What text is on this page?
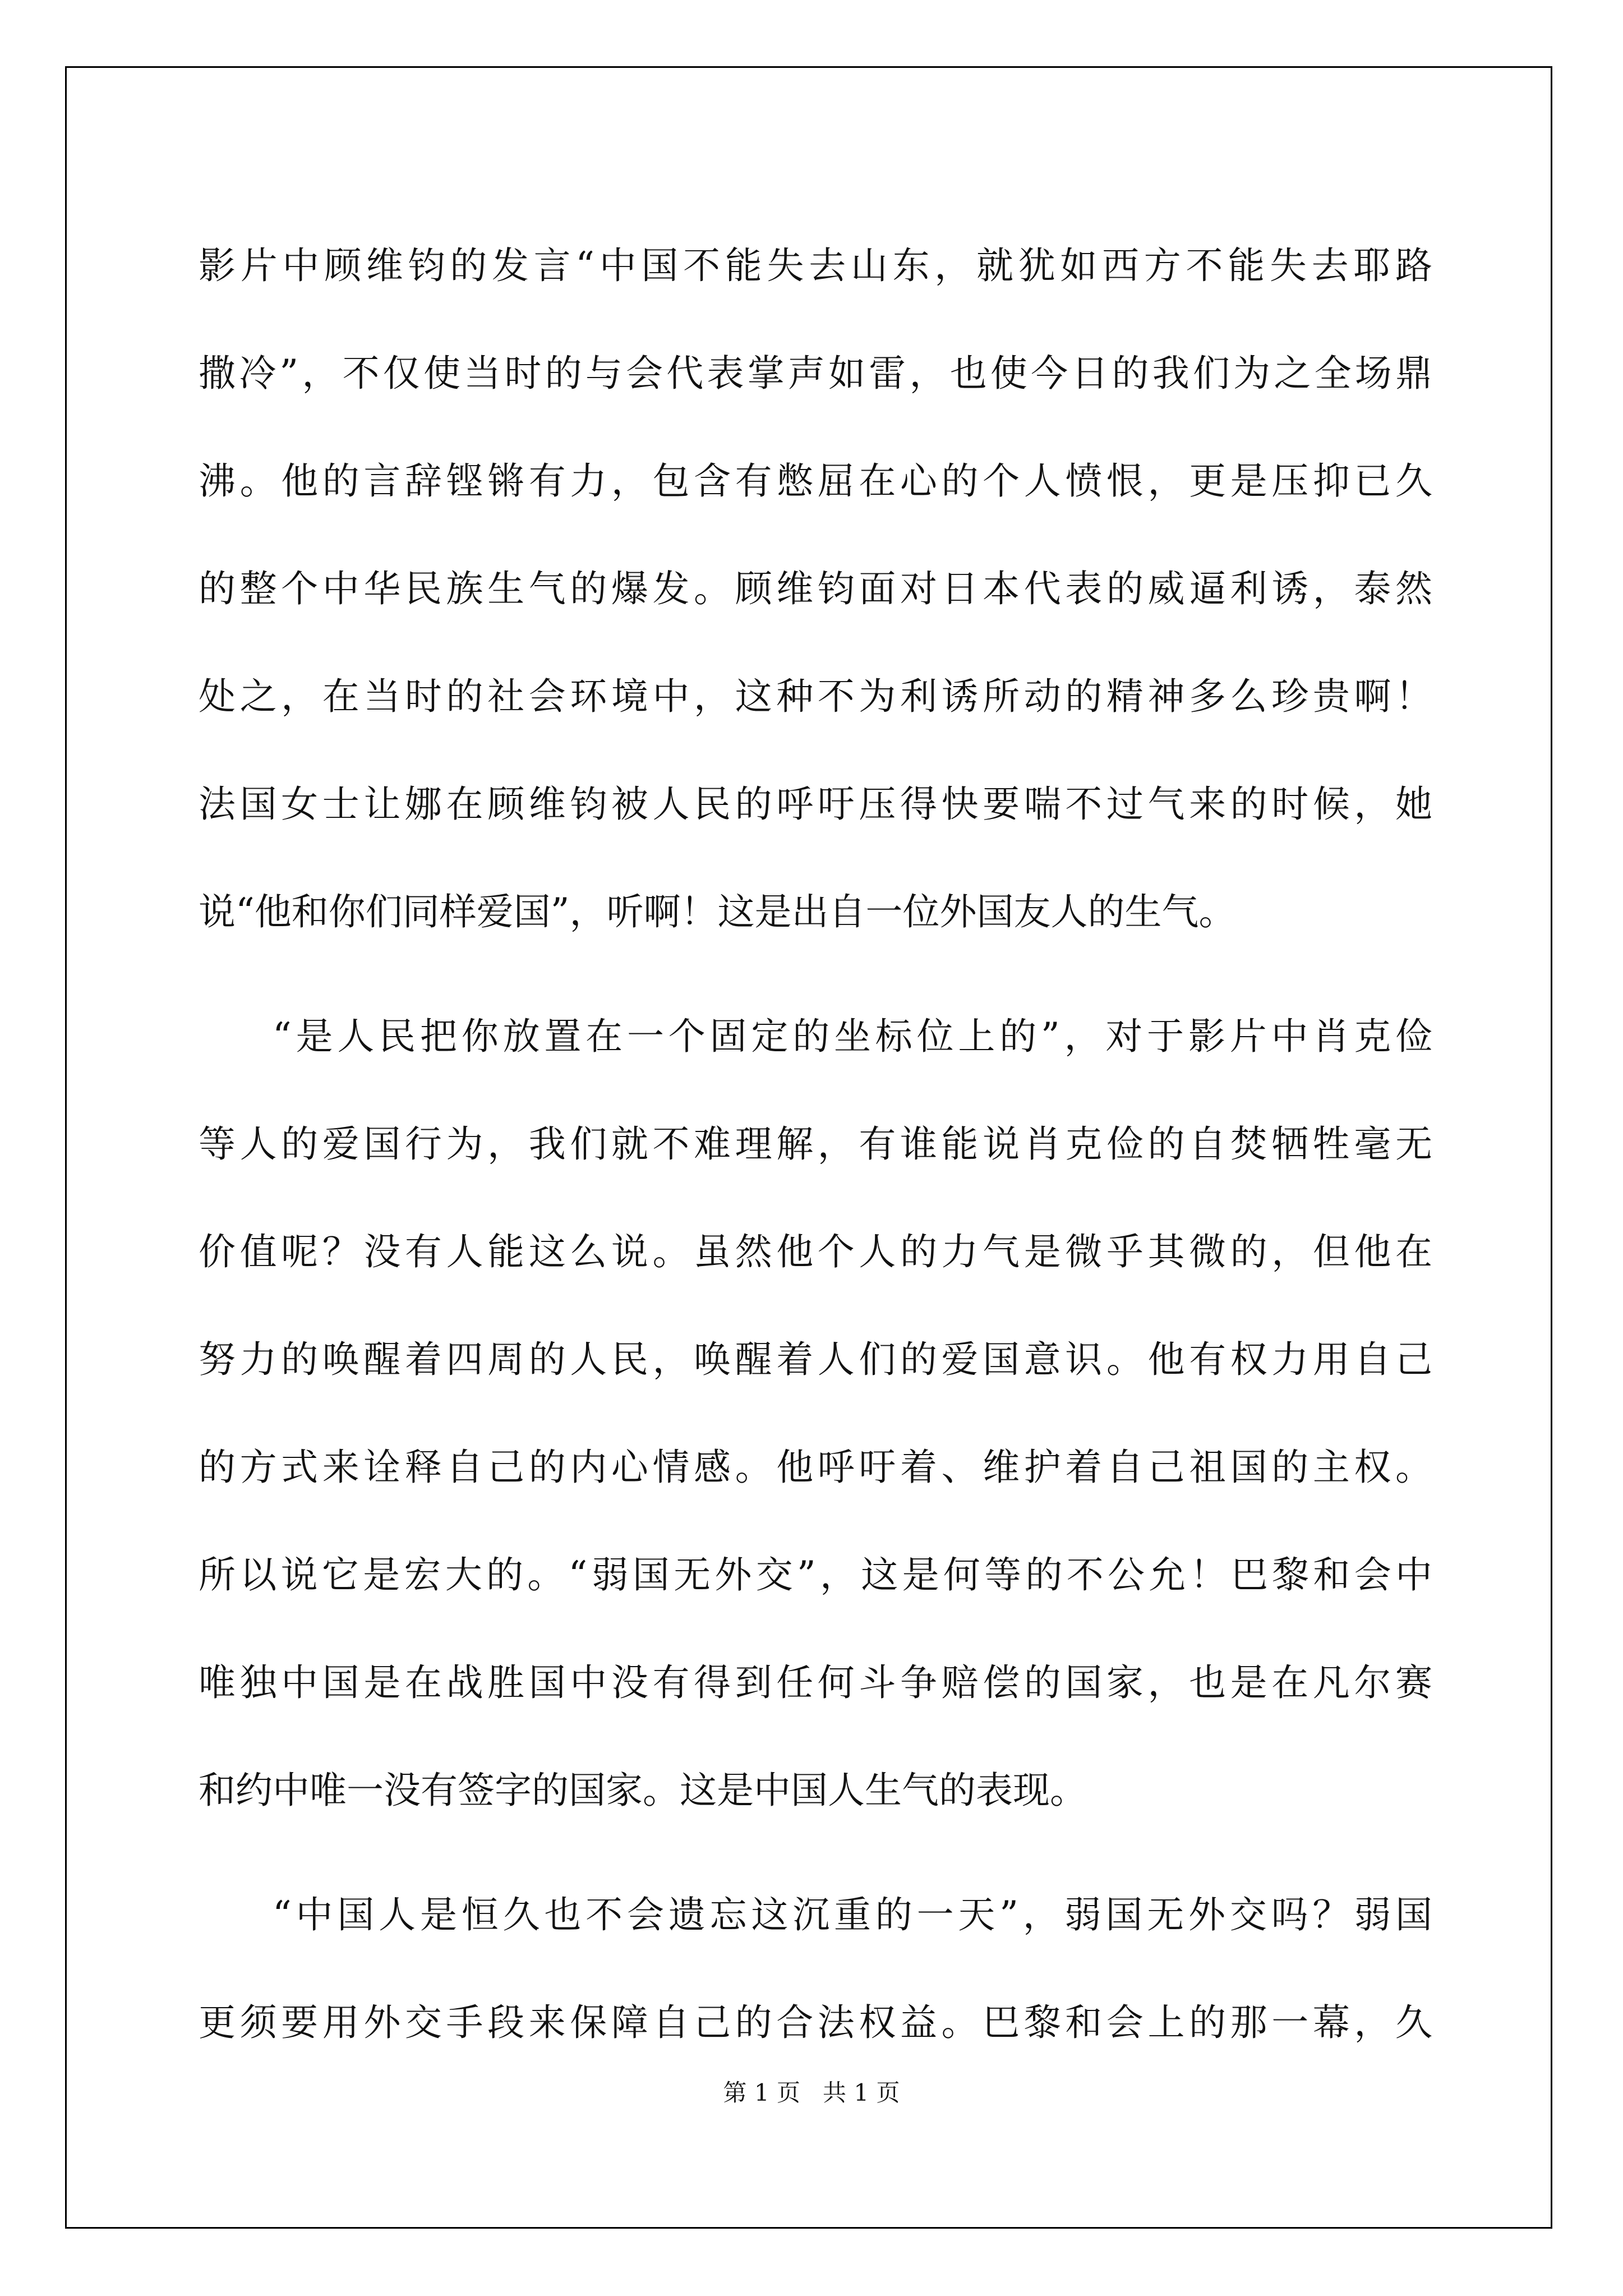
影片中顾维钧的发言“中国不能失去山东，就犹如西方不能失去耶路
撒冷”，不仅使当时的与会代表掌声如雷，也使今日的我们为之全场鼎
沸。他的言辞铿锵有力，包含有憋屈在心的个人愤恨，更是压抑已久
的整个中华民族生气的爆发。顾维钧面对日本代表的威逼利诱，泰然
处之，在当时的社会环境中，这种不为利诱所动的精神多么珍贵啊！
法国女士让娜在顾维钧被人民的呼吁压得快要喘不过气来的时候，她
说“他和你们同样爱国”，听啊！这是出自一位外国友人的生气。
“是人民把你放置在一个固定的坐标位上的”，对于影片中肖克俭
等人的爱国行为，我们就不难理解，有谁能说肖克俭的自焚牺牲毫无
价值呢？没有人能这么说。虽然他个人的力气是微乎其微的，但他在
努力的唤醒着四周的人民，唤醒着人们的爱国意识。他有权力用自己
的方式来诠释自己的内心情感。他呼吁着、维护着自己祖国的主权。
所以说它是宏大的。“弱国无外交”，这是何等的不公允！巴黎和会中
唯独中国是在战胜国中没有得到任何斗争赔偿的国家，也是在凡尔赛
和约中唯一没有签字的国家。这是中国人生气的表现。
“中国人是恒久也不会遗忘这沉重的一天”，弱国无外交吗？弱国
更须要用外交手段来保障自己的合法权益。巴黎和会上的那一幕，久
第 1 页   共 1 页
